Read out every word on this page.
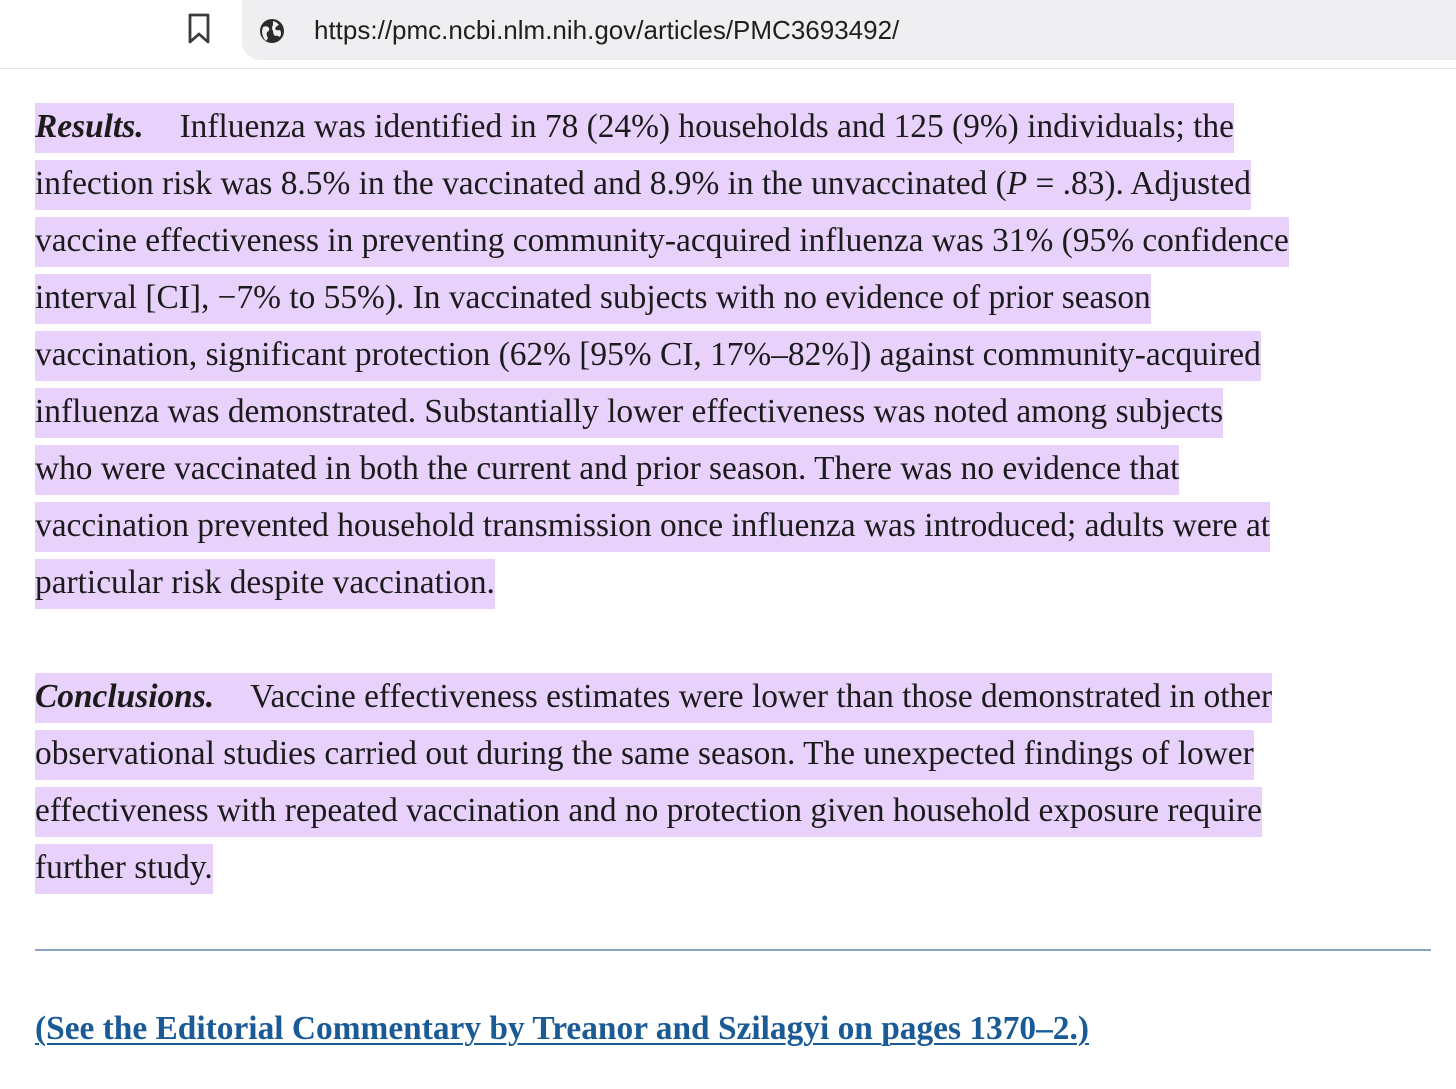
https://pmc.ncbi.nlm.nih.gov/articles/PMC3693492/
Results. Influenza was identified in 78 (24%) households and 125 (9%) individuals; the
infection risk was 8.5% in the vaccinated and 8.9% in the unvaccinated (P = .83). Adjusted
vaccine effectiveness in preventing community-acquired influenza was 31% (95% confidence
interval [CI], −7% to 55%). In vaccinated subjects with no evidence of prior season
vaccination, significant protection (62% [95% CI, 17%–82%]) against community-acquired
influenza was demonstrated. Substantially lower effectiveness was noted among subjects
who were vaccinated in both the current and prior season. There was no evidence that
vaccination prevented household transmission once influenza was introduced; adults were at
particular risk despite vaccination.
Conclusions. Vaccine effectiveness estimates were lower than those demonstrated in other
observational studies carried out during the same season. The unexpected findings of lower
effectiveness with repeated vaccination and no protection given household exposure require
further study.
(See the Editorial Commentary by Treanor and Szilagyi on pages 1370–2.)
